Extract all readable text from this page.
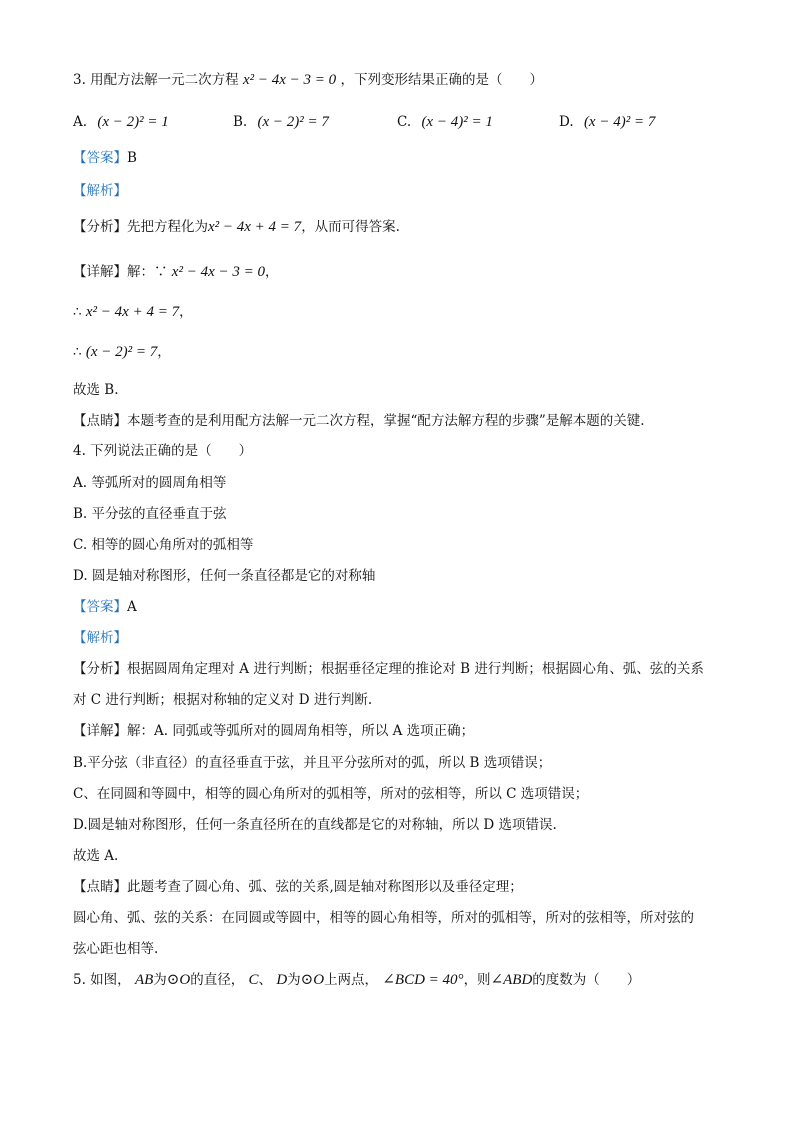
3. 用配方法解一元二次方程 x² − 4x − 3 = 0 ，下列变形结果正确的是（　　）
A. (x − 2)² = 1	B. (x − 2)² = 7	C. (x − 4)² = 1	D. (x − 4)² = 7
【答案】B
【解析】
【分析】先把方程化为x² − 4x + 4 = 7，从而可得答案.
【详解】解：∵ x² − 4x − 3 = 0，
∴ x² − 4x + 4 = 7，
∴ (x − 2)² = 7，
故选 B.
【点睛】本题考查的是利用配方法解一元二次方程，掌握“配方法解方程的步骤”是解本题的关键.
4. 下列说法正确的是（　　）
A. 等弧所对的圆周角相等
B. 平分弦的直径垂直于弦
C. 相等的圆心角所对的弧相等
D. 圆是轴对称图形，任何一条直径都是它的对称轴
【答案】A
【解析】
【分析】根据圆周角定理对 A 进行判断；根据垂径定理的推论对 B 进行判断；根据圆心角、弧、弦的关系
对 C 进行判断；根据对称轴的定义对 D 进行判断.
【详解】解：A. 同弧或等弧所对的圆周角相等，所以 A 选项正确；
B.平分弦（非直径）的直径垂直于弦，并且平分弦所对的弧，所以 B 选项错误；
C、在同圆和等圆中，相等的圆心角所对的弧相等，所对的弦相等，所以 C 选项错误；
D.圆是轴对称图形，任何一条直径所在的直线都是它的对称轴，所以 D 选项错误.
故选 A.
【点睛】此题考查了圆心角、弧、弦的关系,圆是轴对称图形以及垂径定理；
圆心角、弧、弦的关系：在同圆或等圆中，相等的圆心角相等，所对的弧相等，所对的弦相等，所对弦的
弦心距也相等.
5. 如图， AB为⊙O的直径， C、 D为⊙O上两点， ∠BCD = 40°，则∠ABD的度数为（　　）
